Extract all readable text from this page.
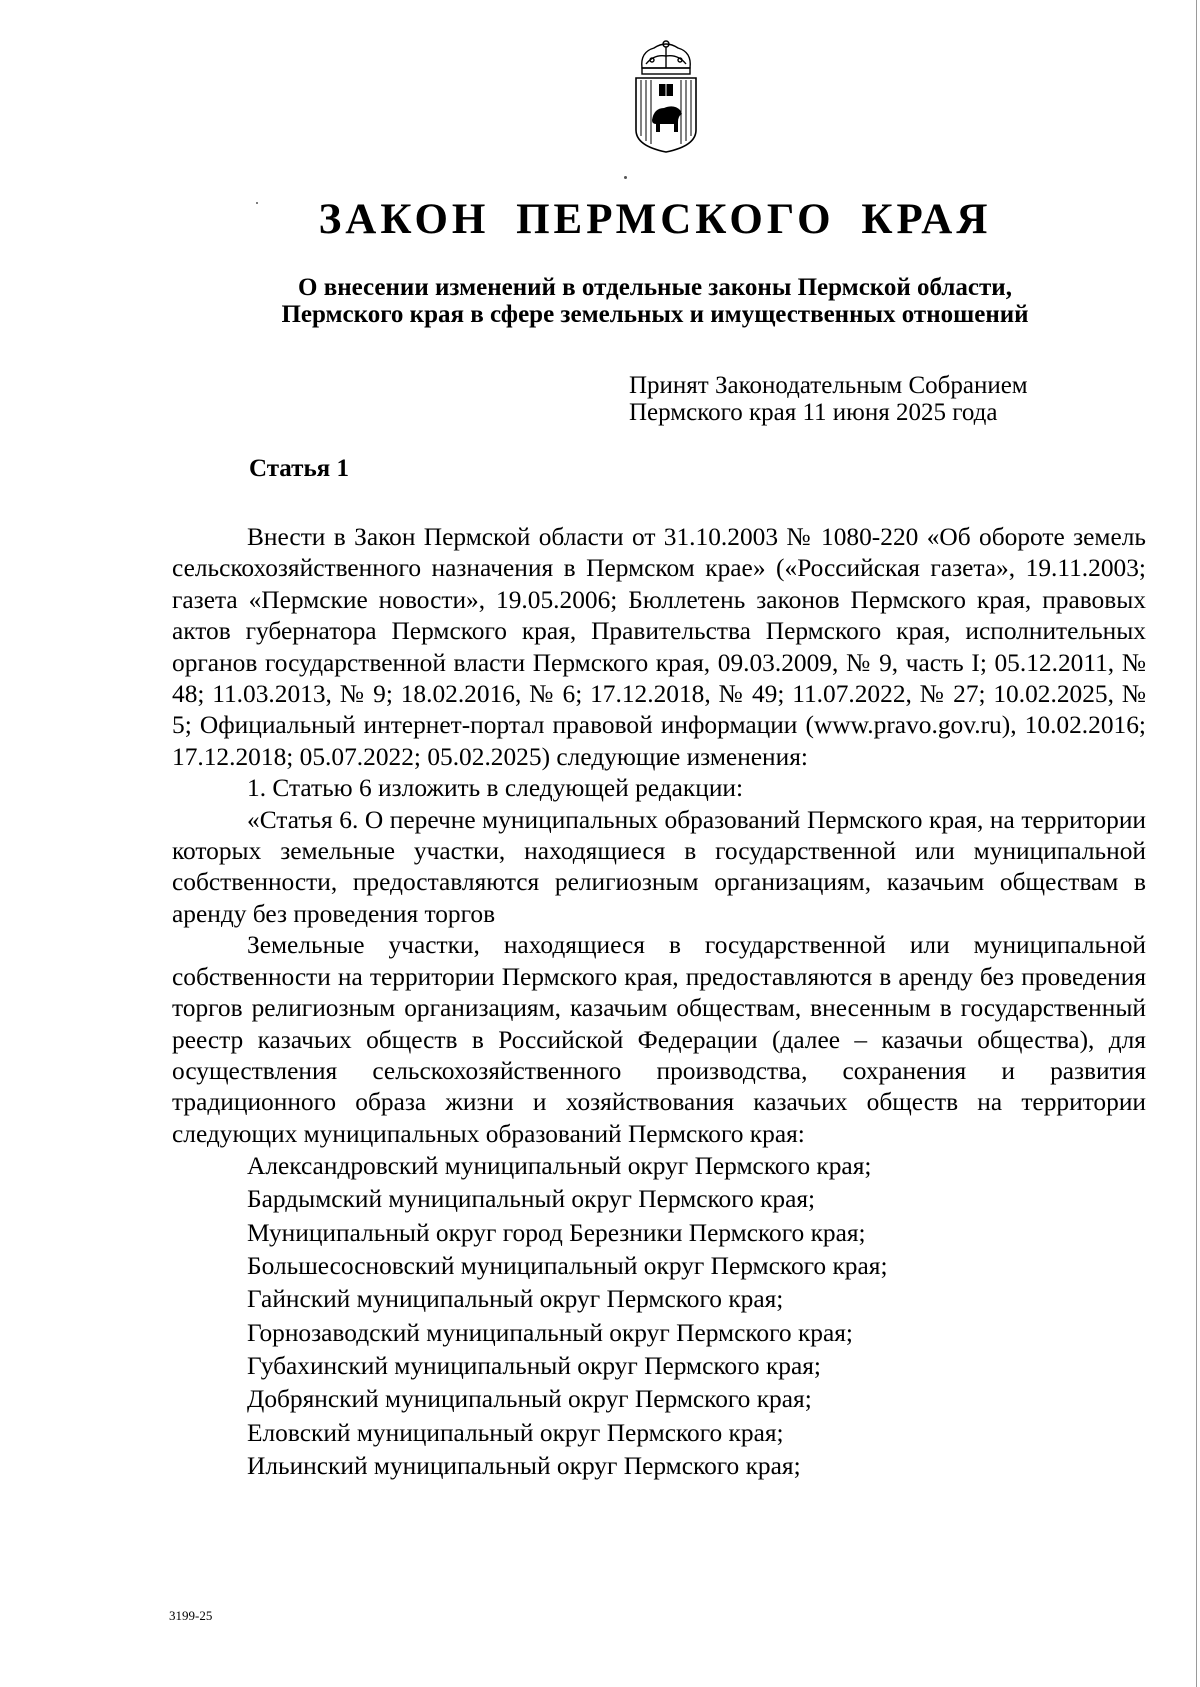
ЗАКОН ПЕРМСКОГО КРАЯ
О внесении изменений в отдельные законы Пермской области,
Пермского края в сфере земельных и имущественных отношений
Принят Законодательным Собранием
Пермского края 11 июня 2025 года
Статья 1

Внести в Закон Пермской области от 31.10.2003 № 1080-220 «Об обороте земель сельскохозяйственного назначения в Пермском крае» («Российская газета», 19.11.2003; газета «Пермские новости», 19.05.2006; Бюллетень законов Пермского края, правовых актов губернатора Пермского края, Правительства Пермского края, исполнительных органов государственной власти Пермского края, 09.03.2009, № 9, часть I; 05.12.2011, № 48; 11.03.2013, № 9; 18.02.2016, № 6; 17.12.2018, № 49; 11.07.2022, № 27; 10.02.2025, № 5; Официальный интернет-портал правовой информации (www.pravo.gov.ru), 10.02.2016; 17.12.2018; 05.07.2022; 05.02.2025) следующие изменения:

1. Статью 6 изложить в следующей редакции:

«Статья 6. О перечне муниципальных образований Пермского края, на территории которых земельные участки, находящиеся в государственной или муниципальной собственности, предоставляются религиозным организациям, казачьим обществам в аренду без проведения торгов

Земельные участки, находящиеся в государственной или муниципальной собственности на территории Пермского края, предоставляются в аренду без проведения торгов религиозным организациям, казачьим обществам, внесенным в государственный реестр казачьих обществ в Российской Федерации (далее – казачьи общества), для осуществления сельскохозяйственного производства, сохранения и развития традиционного образа жизни и хозяйствования казачьих обществ на территории следующих муниципальных образований Пермского края:

Александровский муниципальный округ Пермского края;
Бардымский муниципальный округ Пермского края;
Муниципальный округ город Березники Пермского края;
Большесосновский муниципальный округ Пермского края;
Гайнский муниципальный округ Пермского края;
Горнозаводский муниципальный округ Пермского края;
Губахинский муниципальный округ Пермского края;
Добрянский муниципальный округ Пермского края;
Еловский муниципальный округ Пермского края;
Ильинский муниципальный округ Пермского края;
3199-25
